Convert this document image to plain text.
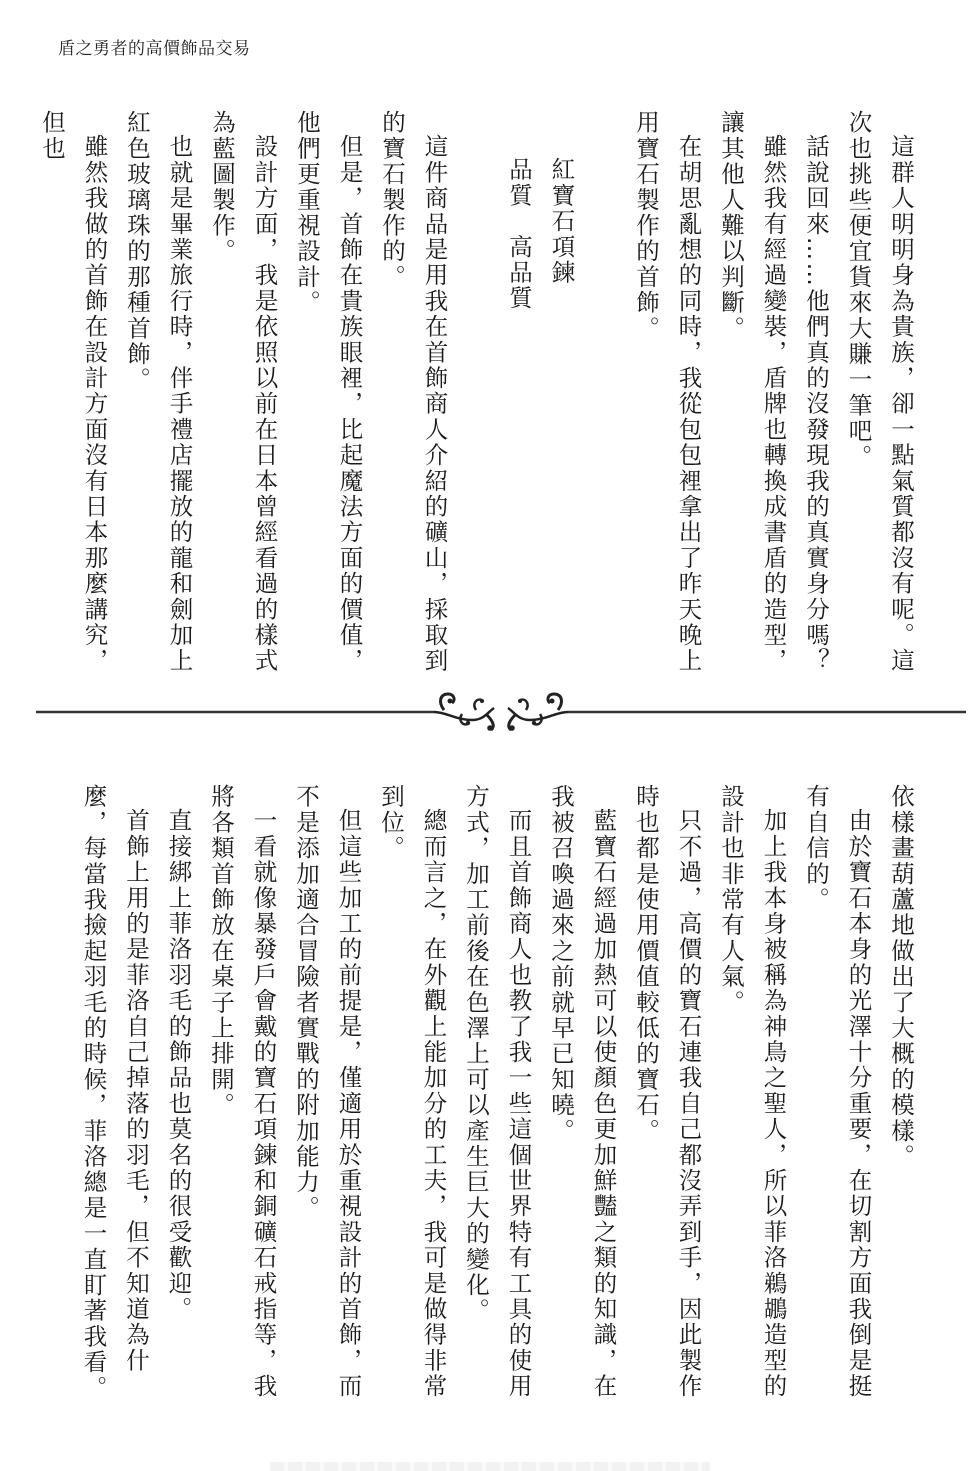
盾之勇者的高價飾品交易

這群人明明身為貴族，卻一點氣質都沒有呢。這次也挑些便宜貨來大賺一筆吧。

話說回來……他們真的沒發現我的真實身分嗎？

雖然我有經過變裝，盾牌也轉換成書盾的造型，讓其他人難以判斷。

在胡思亂想的同時，我從包包裡拿出了昨天晚上用寶石製作的首飾。

紅寶石項鍊

品質　高品質

這件商品是用我在首飾商人介紹的礦山，採取到的寶石製作的。

但是，首飾在貴族眼裡，比起魔法方面的價值，他們更重視設計。

設計方面，我是依照以前在日本曾經看過的樣式為藍圖製作。

也就是畢業旅行時，伴手禮店擺放的龍和劍加上紅色玻璃珠的那種首飾。

雖然我做的首飾在設計方面沒有日本那麼講究，但也

依樣畫葫蘆地做出了大概的模樣。

由於寶石本身的光澤十分重要，在切割方面我倒是挺有自信的。

加上我本身被稱為神鳥之聖人，所以菲洛鵜鶘造型的設計也非常有人氣。

只不過，高價的寶石連我自己都沒弄到手，因此製作時也都是使用價值較低的寶石。

藍寶石經過加熱可以使顏色更加鮮豔之類的知識，在我被召喚過來之前就早已知曉。

而且首飾商人也教了我一些這個世界特有工具的使用方式，加工前後在色澤上可以產生巨大的變化。

總而言之，在外觀上能加分的工夫，我可是做得非常到位。

但這些加工的前提是，僅適用於重視設計的首飾，而不是添加適合冒險者實戰的附加能力。

一看就像暴發戶會戴的寶石項鍊和銅礦石戒指等，我將各類首飾放在桌子上排開。

直接綁上菲洛羽毛的飾品也莫名的很受歡迎。

首飾上用的是菲洛自己掉落的羽毛，但不知道為什麼，每當我撿起羽毛的時候，菲洛總是一直盯著我看。
